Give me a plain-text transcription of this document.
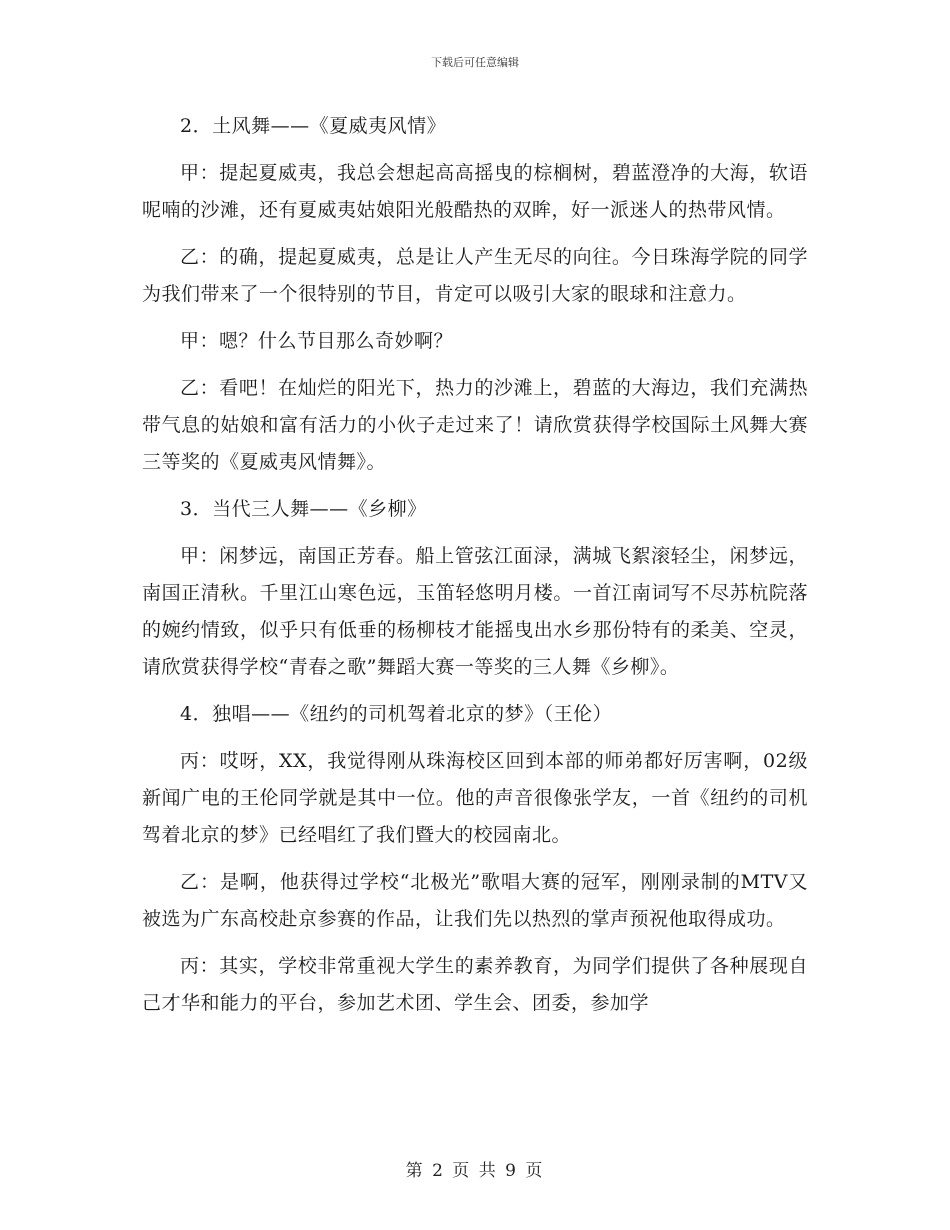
下载后可任意编辑

2．土风舞——《夏威夷风情》

甲：提起夏威夷，我总会想起高高摇曳的棕榈树，碧蓝澄净的大海，软语呢喃的沙滩，还有夏威夷姑娘阳光般酷热的双眸，好一派迷人的热带风情。

乙：的确，提起夏威夷，总是让人产生无尽的向往。今日珠海学院的同学为我们带来了一个很特别的节目，肯定可以吸引大家的眼球和注意力。

甲：嗯？什么节目那么奇妙啊？

乙：看吧！在灿烂的阳光下，热力的沙滩上，碧蓝的大海边，我们充满热带气息的姑娘和富有活力的小伙子走过来了！请欣赏获得学校国际土风舞大赛三等奖的《夏威夷风情舞》。

3．当代三人舞——《乡柳》

甲：闲梦远，南国正芳春。船上管弦江面渌，满城飞絮滚轻尘，闲梦远，南国正清秋。千里江山寒色远，玉笛轻悠明月楼。一首江南词写不尽苏杭院落的婉约情致，似乎只有低垂的杨柳枝才能摇曳出水乡那份特有的柔美、空灵，请欣赏获得学校“青春之歌”舞蹈大赛一等奖的三人舞《乡柳》。

4．独唱——《纽约的司机驾着北京的梦》（王伦）

丙：哎呀，XX，我觉得刚从珠海校区回到本部的师弟都好厉害啊，02级新闻广电的王伦同学就是其中一位。他的声音很像张学友，一首《纽约的司机驾着北京的梦》已经唱红了我们暨大的校园南北。

乙：是啊，他获得过学校“北极光”歌唱大赛的冠军，刚刚录制的MTV又被选为广东高校赴京参赛的作品，让我们先以热烈的掌声预祝他取得成功。

丙：其实，学校非常重视大学生的素养教育，为同学们提供了各种展现自己才华和能力的平台，参加艺术团、学生会、团委，参加学

第 2 页 共 9 页
